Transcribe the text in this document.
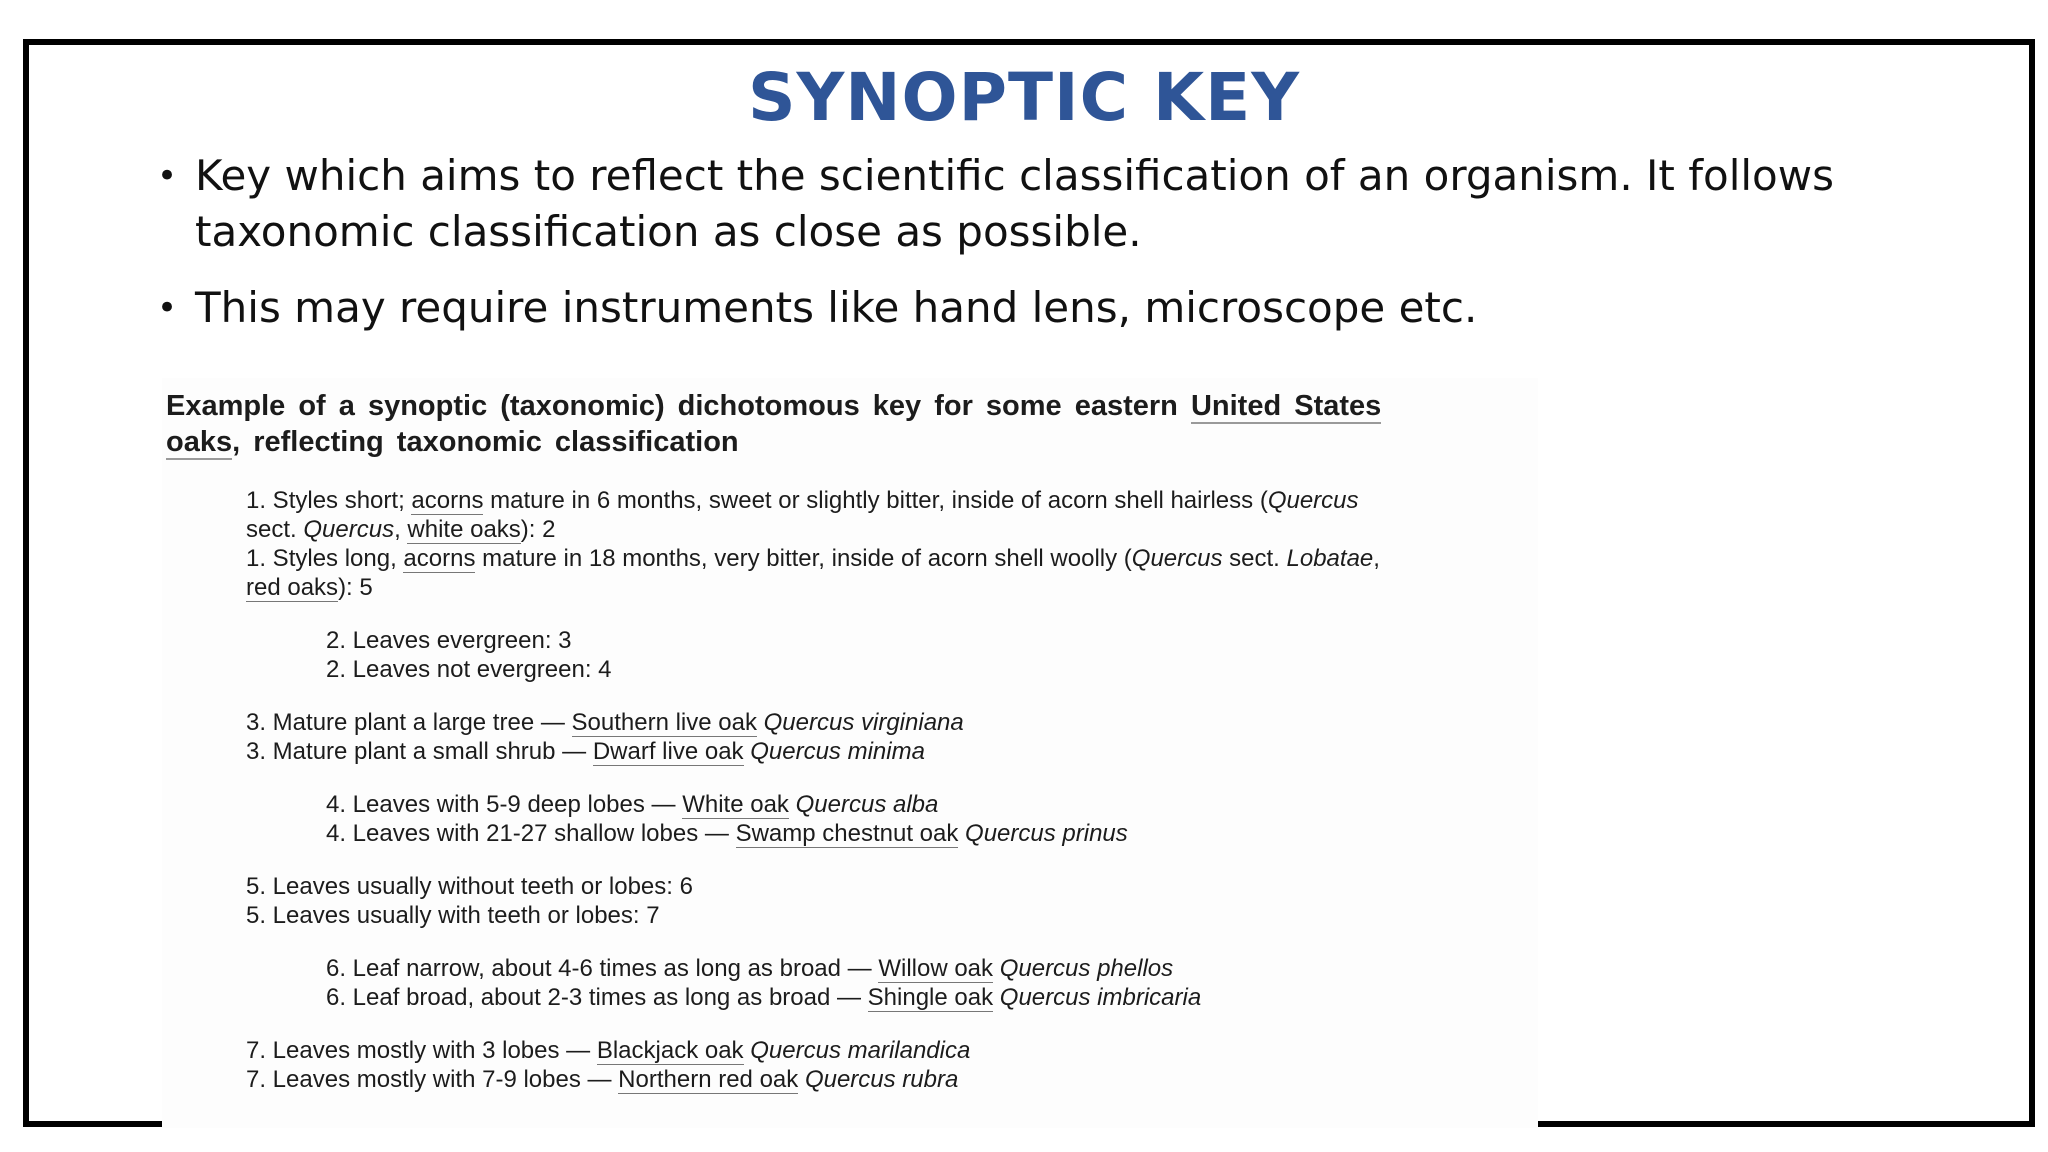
SYNOPTIC KEY
• Key which aims to reflect the scientific classification of an organism. It follows
taxonomic classification as close as possible.
• This may require instruments like hand lens, microscope etc.
Example of a synoptic (taxonomic) dichotomous key for some eastern United States
oaks, reflecting taxonomic classification
1. Styles short; acorns mature in 6 months, sweet or slightly bitter, inside of acorn shell hairless (Quercus
sect. Quercus, white oaks): 2
1. Styles long, acorns mature in 18 months, very bitter, inside of acorn shell woolly (Quercus sect. Lobatae,
red oaks): 5
2. Leaves evergreen: 3
2. Leaves not evergreen: 4
3. Mature plant a large tree — Southern live oak Quercus virginiana
3. Mature plant a small shrub — Dwarf live oak Quercus minima
4. Leaves with 5-9 deep lobes — White oak Quercus alba
4. Leaves with 21-27 shallow lobes — Swamp chestnut oak Quercus prinus
5. Leaves usually without teeth or lobes: 6
5. Leaves usually with teeth or lobes: 7
6. Leaf narrow, about 4-6 times as long as broad — Willow oak Quercus phellos
6. Leaf broad, about 2-3 times as long as broad — Shingle oak Quercus imbricaria
7. Leaves mostly with 3 lobes — Blackjack oak Quercus marilandica
7. Leaves mostly with 7-9 lobes — Northern red oak Quercus rubra
